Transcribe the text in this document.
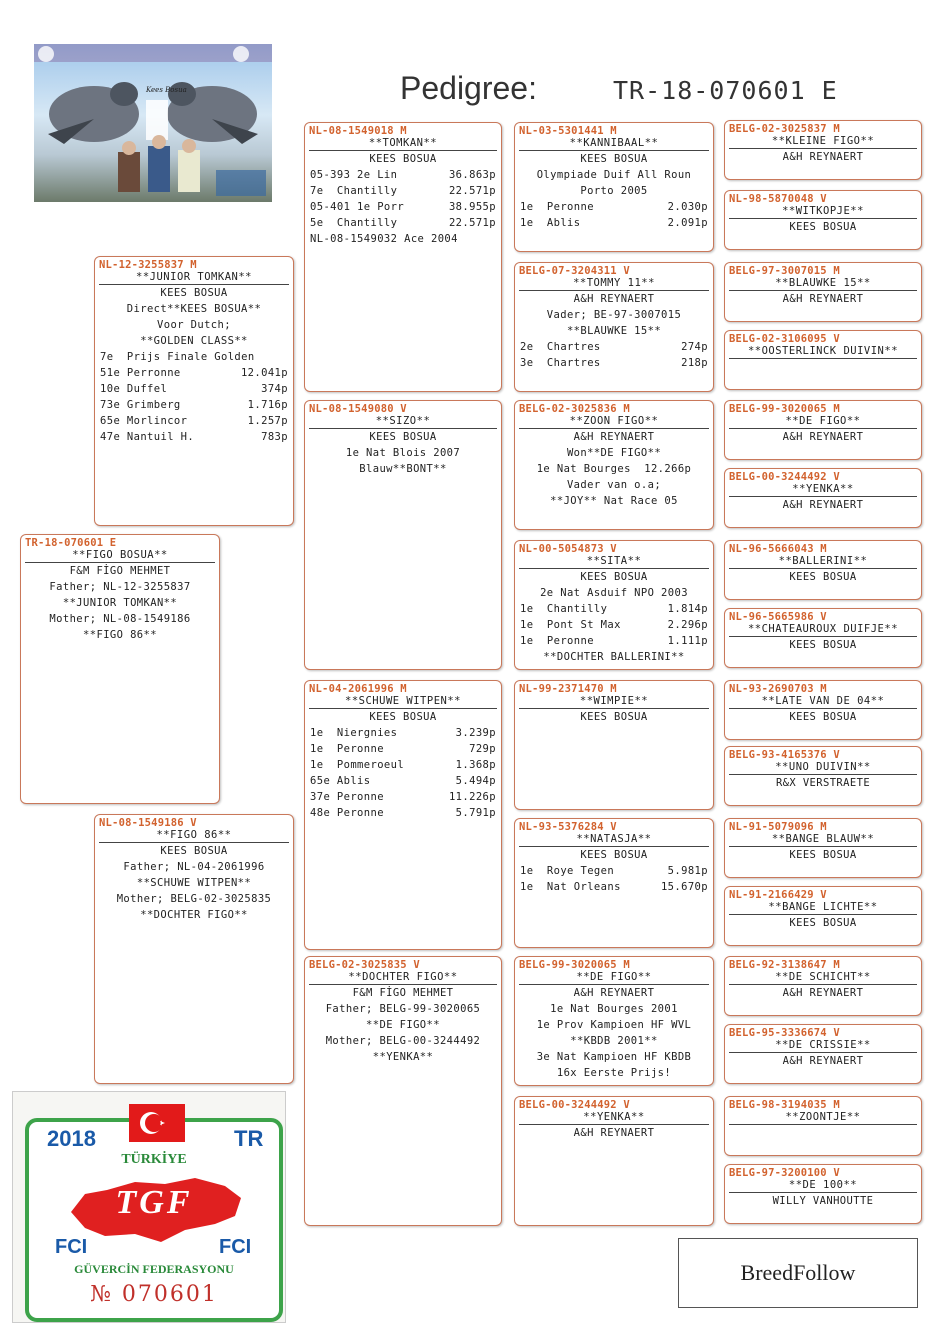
Pedigree:	TR-18-070601 E
Kees Bosua
TR-18-070601 E
**FIGO BOSUA**
F&M FİGO MEHMET
Father; NL-12-3255837
**JUNIOR TOMKAN**
Mother; NL-08-1549186
**FIGO 86**
NL-12-3255837 M
**JUNIOR TOMKAN**
KEES BOSUA
Direct**KEES BOSUA**
Voor Dutch;
**GOLDEN CLASS**
7e  Prijs Finale Golden
51e Perronne	12.041p
10e Duffel	374p
73e Grimberg	1.716p
65e Morlincor	1.257p
47e Nantuil H.	783p
NL-08-1549186 V
**FIGO 86**
KEES BOSUA
Father; NL-04-2061996
**SCHUWE WITPEN**
Mother; BELG-02-3025835
**DOCHTER FIGO**
NL-08-1549018 M
**TOMKAN**
KEES BOSUA
05-393 2e Lin	36.863p
7e  Chantilly	22.571p
05-401 1e Porr	38.955p
5e  Chantilly	22.571p
NL-08-1549032 Ace 2004
NL-08-1549080 V
**SIZO**
KEES BOSUA
1e Nat Blois 2007
Blauw**BONT**
NL-04-2061996 M
**SCHUWE WITPEN**
KEES BOSUA
1e  Niergnies	3.239p
1e  Peronne	729p
1e  Pommeroeul	1.368p
65e Ablis	5.494p
37e Peronne	11.226p
48e Peronne	5.791p
BELG-02-3025835 V
**DOCHTER FIGO**
F&M FİGO MEHMET
Father; BELG-99-3020065
**DE FIGO**
Mother; BELG-00-3244492
**YENKA**
NL-03-5301441 M
**KANNIBAAL**
KEES BOSUA
Olympiade Duif All Roun
Porto 2005
1e  Peronne	2.030p
1e  Ablis	2.091p
BELG-07-3204311 V
**TOMMY 11**
A&H REYNAERT
Vader; BE-97-3007015
**BLAUWKE 15**
2e  Chartres	274p
3e  Chartres	218p
BELG-02-3025836 M
**ZOON FIGO**
A&H REYNAERT
Won**DE FIGO**
1e Nat Bourges  12.266p
Vader van o.a;
**JOY** Nat Race 05
NL-00-5054873 V
**SITA**
KEES BOSUA
2e Nat Asduif NPO 2003
1e  Chantilly	1.814p
1e  Pont St Max	2.296p
1e  Peronne	1.111p
**DOCHTER BALLERINI**
NL-99-2371470 M
**WIMPIE**
KEES BOSUA
NL-93-5376284 V
**NATASJA**
KEES BOSUA
1e  Roye Tegen	5.981p
1e  Nat Orleans	15.670p
BELG-99-3020065 M
**DE FIGO**
A&H REYNAERT
1e Nat Bourges 2001
1e Prov Kampioen HF WVL
**KBDB 2001**
3e Nat Kampioen HF KBDB
16x Eerste Prijs!
BELG-00-3244492 V
**YENKA**
A&H REYNAERT
BELG-02-3025837 M
**KLEINE FIGO**
A&H REYNAERT
NL-98-5870048 V
**WITKOPJE**
KEES BOSUA
BELG-97-3007015 M
**BLAUWKE 15**
A&H REYNAERT
BELG-02-3106095 V
**OOSTERLINCK DUIVIN**
BELG-99-3020065 M
**DE FIGO**
A&H REYNAERT
BELG-00-3244492 V
**YENKA**
A&H REYNAERT
NL-96-5666043 M
**BALLERINI**
KEES BOSUA
NL-96-5665986 V
**CHATEAUROUX DUIFJE**
KEES BOSUA
NL-93-2690703 M
**LATE VAN DE 04**
KEES BOSUA
BELG-93-4165376 V
**UNO DUIVIN**
R&X VERSTRAETE
NL-91-5079096 M
**BANGE BLAUW**
KEES BOSUA
NL-91-2166429 V
**BANGE LICHTE**
KEES BOSUA
BELG-92-3138647 M
**DE SCHICHT**
A&H REYNAERT
BELG-95-3336674 V
**DE CRISSIE**
A&H REYNAERT
BELG-98-3194035 M
**ZOONTJE**
BELG-97-3200100 V
**DE 100**
WILLY VANHOUTTE
2018	TR
TÜRKİYE
TGF
FCI	FCI
GÜVERCİN FEDERASYONU
№ 070601
BreedFollow
